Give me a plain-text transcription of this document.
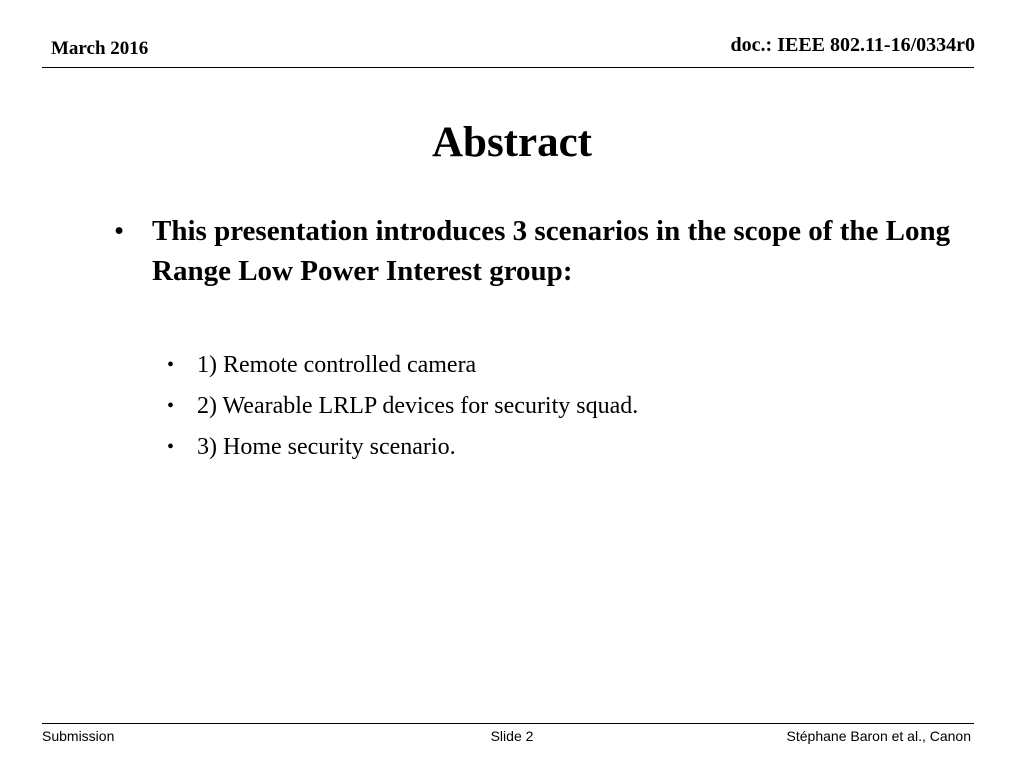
March 2016	doc.: IEEE 802.11-16/0334r0
Abstract
• This presentation introduces 3 scenarios in the scope of the Long Range Low Power Interest group:
• 1) Remote controlled camera
• 2) Wearable LRLP devices for security squad.
• 3) Home security scenario.
Submission	Slide 2	Stéphane Baron et al., Canon
